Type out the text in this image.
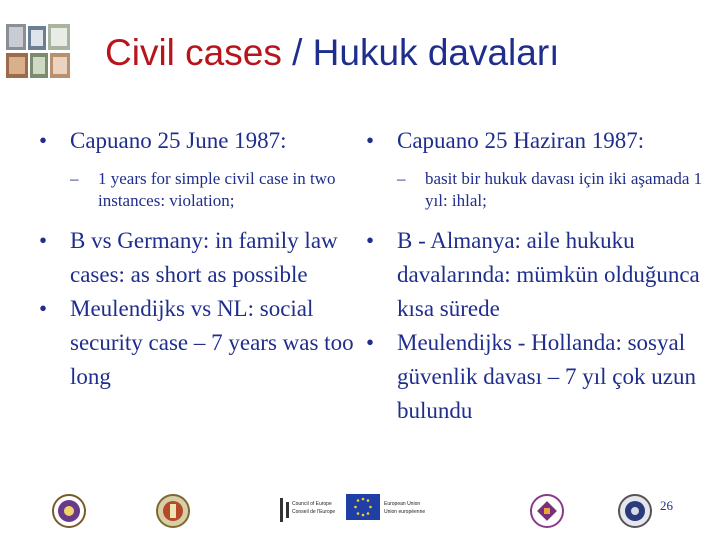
Civil cases / Hukuk davaları
• Capuano 25 June 1987:
– 1 years for simple civil case in two instances: violation;
• B vs Germany: in family law cases: as short as possible
• Meulendijks vs NL: social security case – 7 years was too long
• Capuano 25 Haziran 1987:
– basit bir hukuk davası için iki aşamada 1 yıl: ihlal;
• B - Almanya: aile hukuku davalarında: mümkün olduğunca kısa sürede
• Meulendijks - Hollanda: sosyal güvenlik davası – 7 yıl çok uzun bulundu
Council of Europe
Conseil de l'Europe
European Union
Union européenne	26
